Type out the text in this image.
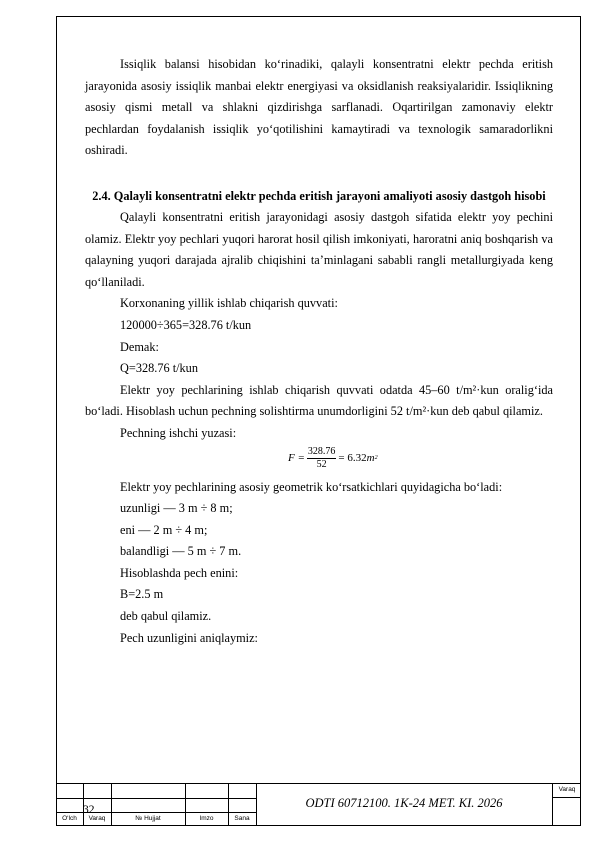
Issiqlik balansi hisobidan ko‘rinadiki, qalayli konsentratni elektr pechda eritish jarayonida asosiy issiqlik manbai elektr energiyasi va oksidlanish reaksiyalaridir. Issiqlikning asosiy qismi metall va shlakni qizdirishga sarflanadi. Oqartirilgan zamonaviy elektr pechlardan foydalanish issiqlik yo‘qotilishini kamaytiradi va texnologik samaradorlikni oshiradi.

2.4. Qalayli konsentratni elektr pechda eritish jarayoni amaliyoti asosiy dastgoh hisobi

Qalayli konsentratni eritish jarayonidagi asosiy dastgoh sifatida elektr yoy pechini olamiz. Elektr yoy pechlari yuqori harorat hosil qilish imkoniyati, haroratni aniq boshqarish va qalayning yuqori darajada ajralib chiqishini ta’minlagani sababli rangli metallurgiyada keng qo‘llaniladi.

Korxonaning yillik ishlab chiqarish quvvati:

120000÷365=328.76 t/kun

Demak:

Q=328.76 t/kun

Elektr yoy pechlarining ishlab chiqarish quvvati odatda 45–60 t/m²·kun oralig‘ida bo‘ladi. Hisoblash uchun pechning solishtirma unumdorligini 52 t/m²·kun deb qabul qilamiz.

Pechning ishchi yuzasi:

$F = \frac{328.76}{52} = 6.32$ m 2

Elektr yoy pechlarining asosiy geometrik ko‘rsatkichlari quyidagicha bo‘ladi:

uzunligi — 3 m ÷ 8 m;

eni — 2 m ÷ 4 m;

balandligi — 5 m ÷ 7 m.

Hisoblashda pech enini:

B=2.5 m

deb qabul qilamiz.

Pech uzunligini aniqlaymiz:

32	ODTI 60712100. 1K-24 MET. KI. 2026
Varaq
O‘lch	Varaq	№ Hujjat	Imzo	Sana
